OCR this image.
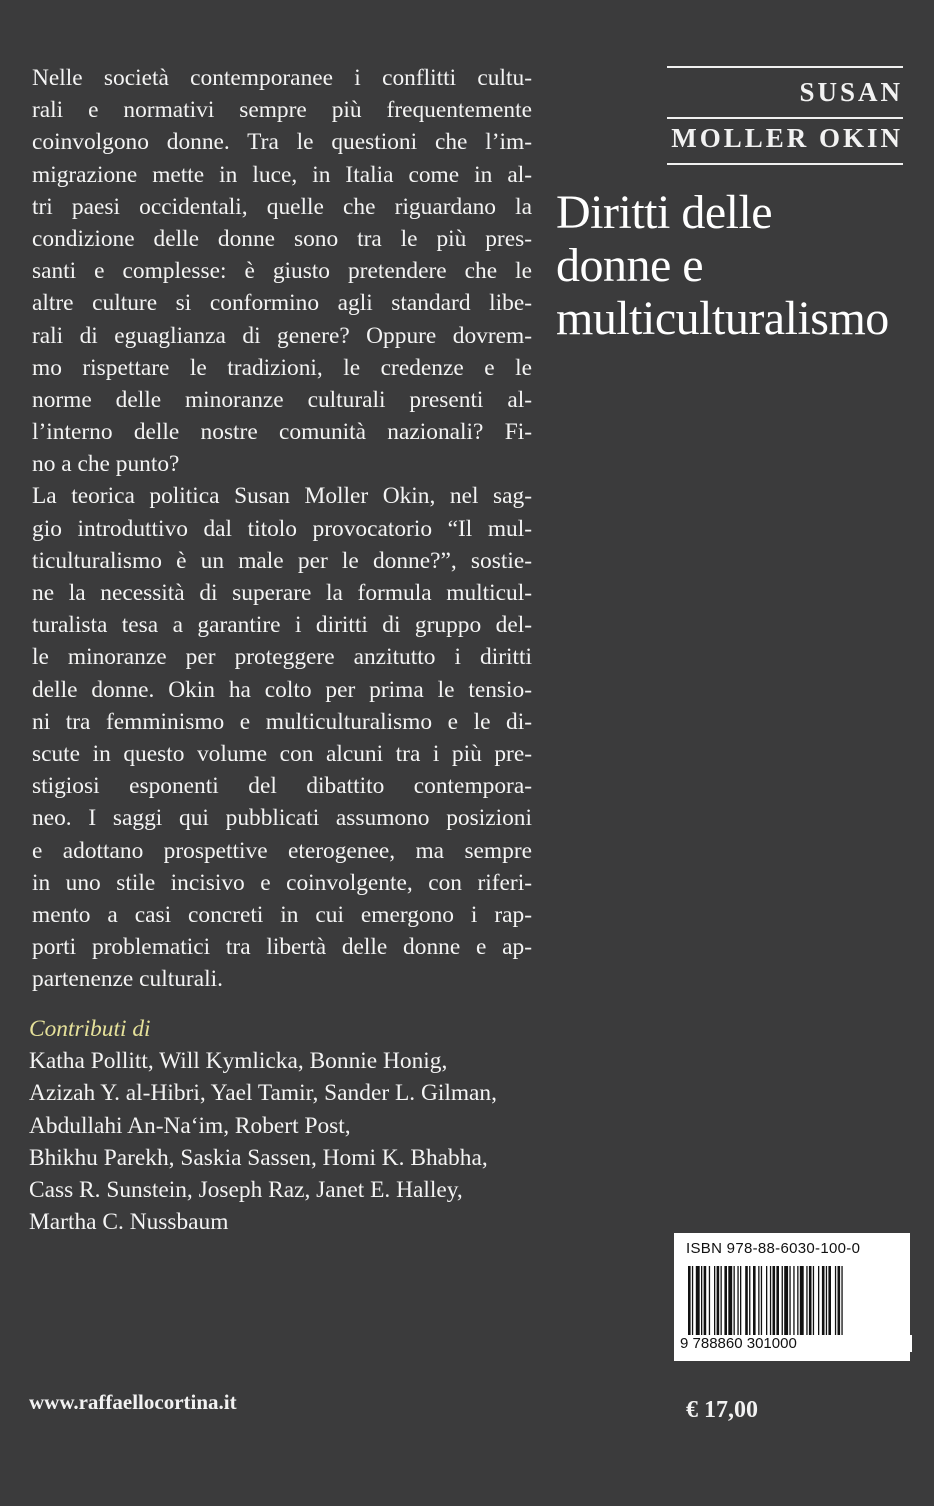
Nelle società contemporanee i conflitti cultu-
rali e normativi sempre più frequentemente
coinvolgono donne. Tra le questioni che l’im-
migrazione mette in luce, in Italia come in al-
tri paesi occidentali, quelle che riguardano la
condizione delle donne sono tra le più pres-
santi e complesse: è giusto pretendere che le
altre culture si conformino agli standard libe-
rali di eguaglianza di genere? Oppure dovrem-
mo rispettare le tradizioni, le credenze e le
norme delle minoranze culturali presenti al-
l’interno delle nostre comunità nazionali? Fi-
no a che punto?
La teorica politica Susan Moller Okin, nel sag-
gio introduttivo dal titolo provocatorio “Il mul-
ticulturalismo è un male per le donne?”, sostie-
ne la necessità di superare la formula multicul-
turalista tesa a garantire i diritti di gruppo del-
le minoranze per proteggere anzitutto i diritti
delle donne. Okin ha colto per prima le tensio-
ni tra femminismo e multiculturalismo e le di-
scute in questo volume con alcuni tra i più pre-
stigiosi esponenti del dibattito contemporа-
neo. I saggi qui pubblicati assumono posizioni
e adottano prospettive eterogenee, ma sempre
in uno stile incisivo e coinvolgente, con riferi-
mento a casi concreti in cui emergono i rap-
porti problematici tra libertà delle donne e ap-
partenenze culturali.
Contributi di
Katha Pollitt, Will Kymlicka, Bonnie Honig,
Azizah Y. al-Hibri, Yael Tamir, Sander L. Gilman,
Abdullahi An-Na‘im, Robert Post,
Bhikhu Parekh, Saskia Sassen, Homi K. Bhabha,
Cass R. Sunstein, Joseph Raz, Janet E. Halley,
Martha C. Nussbaum
SUSAN
MOLLER OKIN
Diritti delle
donne e
multiculturalismo
ISBN 978-88-6030-100-0
9 788860 301000
www.raffaellocortina.it	€ 17,00
